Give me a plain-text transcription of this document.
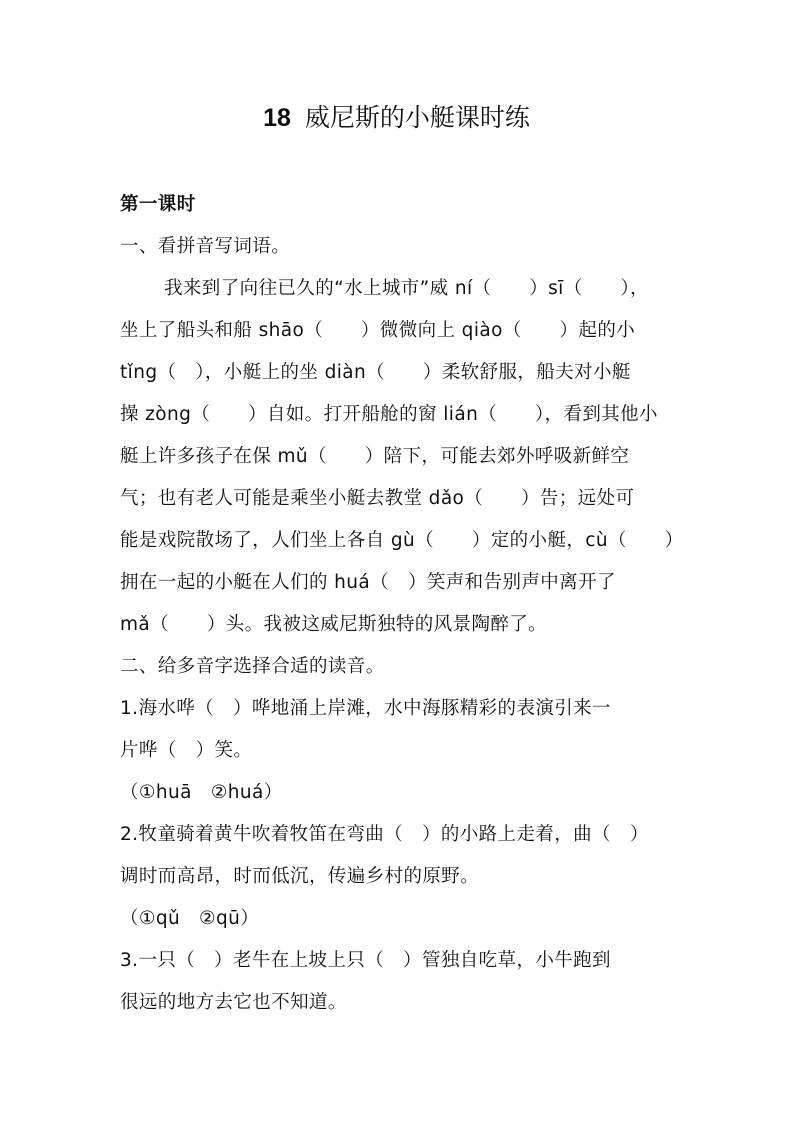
18 威尼斯的小艇课时练
第一课时
一、看拼音写词语。
我来到了向往已久的“水上城市”威 ní（　　）sī（　　），
坐上了船头和船 shāo（　　）微微向上 qiào（　　）起的小
tǐng（　），小艇上的坐 diàn（　　）柔软舒服，船夫对小艇
操 zòng（　　）自如。打开船舱的窗 lián（　　），看到其他小
艇上许多孩子在保 mǔ（　　）陪下，可能去郊外呼吸新鲜空
气；也有老人可能是乘坐小艇去教堂 dǎo（　　）告；远处可
能是戏院散场了，人们坐上各自 gù（　　）定的小艇，cù（　　）
拥在一起的小艇在人们的 huá（　）笑声和告别声中离开了
mǎ（　　）头。我被这威尼斯独特的风景陶醉了。
二、给多音字选择合适的读音。
1.海水哗（　）哗地涌上岸滩，水中海豚精彩的表演引来一
片哗（　）笑。
（①huā　②huá）
2.牧童骑着黄牛吹着牧笛在弯曲（　）的小路上走着，曲（　）
调时而高昂，时而低沉，传遍乡村的原野。
（①qǔ　②qū）
3.一只（　）老牛在上坡上只（　）管独自吃草，小牛跑到
很远的地方去它也不知道。
